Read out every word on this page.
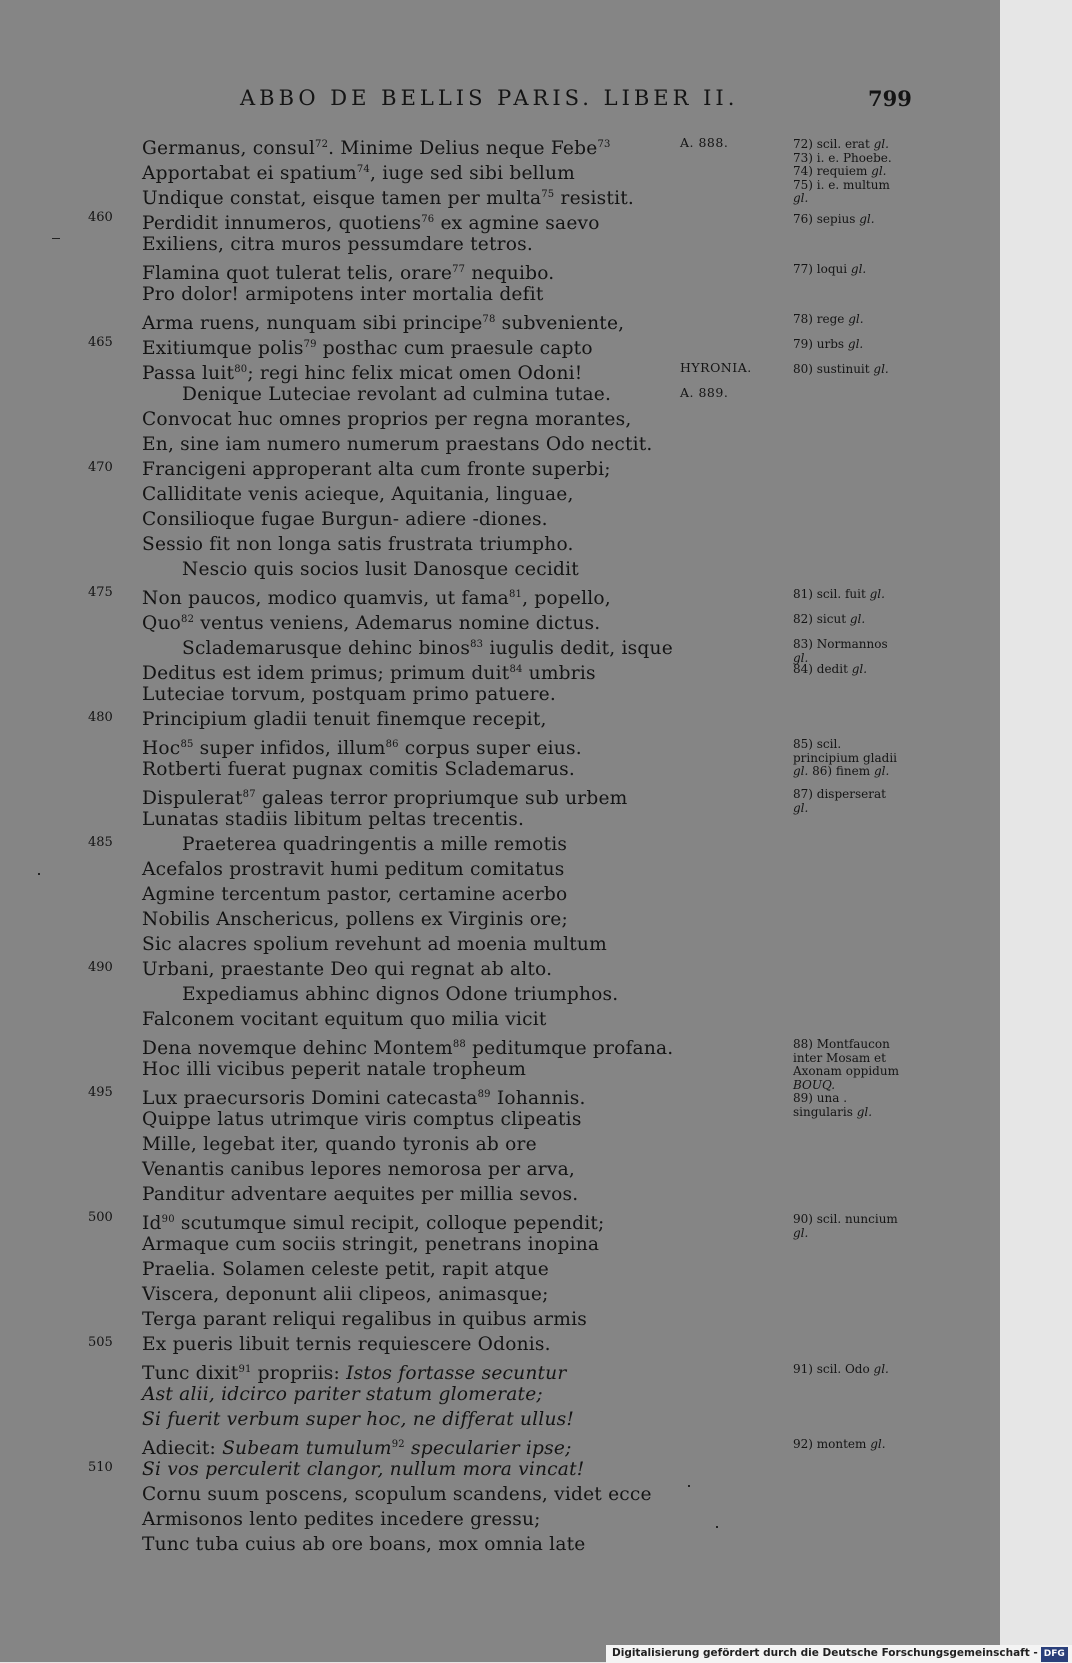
ABBO DE BELLIS PARIS. LIBER II.	799
Germanus, consul$^{72}$. Minime Delius neque Febe$^{73}$	A. 888.
Apportabat ei spatium$^{74}$, iuge sed sibi bellum
Undique constat, eisque tamen per multa$^{75}$ resistit.
460 Perdidit innumeros, quotiens$^{76}$ ex agmine saevo
Exiliens, citra muros pessumdare tetros.
Flamina quot tulerat telis, orare$^{77}$ nequibo.
Pro dolor! armipotens inter mortalia defit
Arma ruens, nunquam sibi principe$^{78}$ subveniente,
465 Exitiumque polis$^{79}$ posthac cum praesule capto
Passa luit$^{80}$; regi hinc felix micat omen Odoni!	HYRONIA.
Denique Luteciae revolant ad culmina tutae.	A. 889.
Convocat huc omnes proprios per regna morantes,
En, sine iam numero numerum praestans Odo nectit.
470 Francigeni approperant alta cum fronte superbi;
Calliditate venis acieque, Aquitania, linguae,
Consilioque fugae Burgun- adiere -diones.
Sessio fit non longa satis frustrata triumpho.
Nescio quis socios lusit Danosque cecidit
475 Non paucos, modico quamvis, ut fama$^{81}$, popello,
Quo$^{82}$ ventus veniens, Ademarus nomine dictus.
Sclademarusque dehinc binos$^{83}$ iugulis dedit, isque
Deditus est idem primus; primum duit$^{84}$ umbris
Luteciae torvum, postquam primo patuere.
480 Principium gladii tenuit finemque recepit,
Hoc$^{85}$ super infidos, illum$^{86}$ corpus super eius.
Rotberti fuerat pugnax comitis Sclademarus.
Dispulerat$^{87}$ galeas terror propriumque sub urbem
Lunatas stadiis libitum peltas trecentis.
485	Praeterea quadringentis a mille remotis
Acefalos prostravit humi peditum comitatus
Agmine tercentum pastor, certamine acerbo
Nobilis Anschericus, pollens ex Virginis ore;
Sic alacres spolium revehunt ad moenia multum
490 Urbani, praestante Deo qui regnat ab alto.
Expediamus abhinc dignos Odone triumphos.
Falconem vocitant equitum quo milia vicit
Dena novemque dehinc Montem$^{88}$ peditumque profana.
Hoc illi vicibus peperit natale tropheum
495 Lux praecursoris Domini catecasta$^{89}$ Iohannis.
Quippe latus utrimque viris comptus clipeatis
Mille, legebat iter, quando tyronis ab ore
Venantis canibus lepores nemorosa per arva,
Panditur adventare aequites per millia sevos.
500 Id$^{90}$ scutumque simul recipit, colloque pependit;
Armaque cum sociis stringit, penetrans inopina
Praelia. Solamen celeste petit, rapit atque
Viscera, deponunt alii clipeos, animasque;
Terga parant reliqui regalibus in quibus armis
505 Ex pueris libuit ternis requiescere Odonis.
Tunc dixit$^{91}$ propriis: Istos fortasse secuntur
Ast alii, idcirco pariter statum glomerate;
Si fuerit verbum super hoc, ne differat ullus!
Adiecit: Subeam tumulum$^{92}$ specularier ipse;
510 Si vos perculerit clangor, nullum mora vincat!
Cornu suum poscens, scopulum scandens, videt ecce
Armisonos lento pedites incedere gressu;
Tunc tuba cuius ab ore boans, mox omnia late
72) scil. erat gl.
73) i. e. Phoebe.
74) requiem gl.
75) i. e. multum gl.
76) sepius gl.
77) loqui gl.
78) rege gl.
79) urbs gl.
80) sustinuit gl.
81) scil. fuit gl.
82) sicut gl.
83) Normannos gl.
84) dedit gl.
85) scil. principium gladii gl. 86) finem gl.
87) disperserat gl.
88) Montfaucon inter Mosam et Axonam oppidum BOUQ.
89) una . singularis gl.
90) scil. nuncium gl.
91) scil. Odo gl.
92) montem gl.
Digitalisierung gefördert durch die Deutsche Forschungsgemeinschaft - DFG
